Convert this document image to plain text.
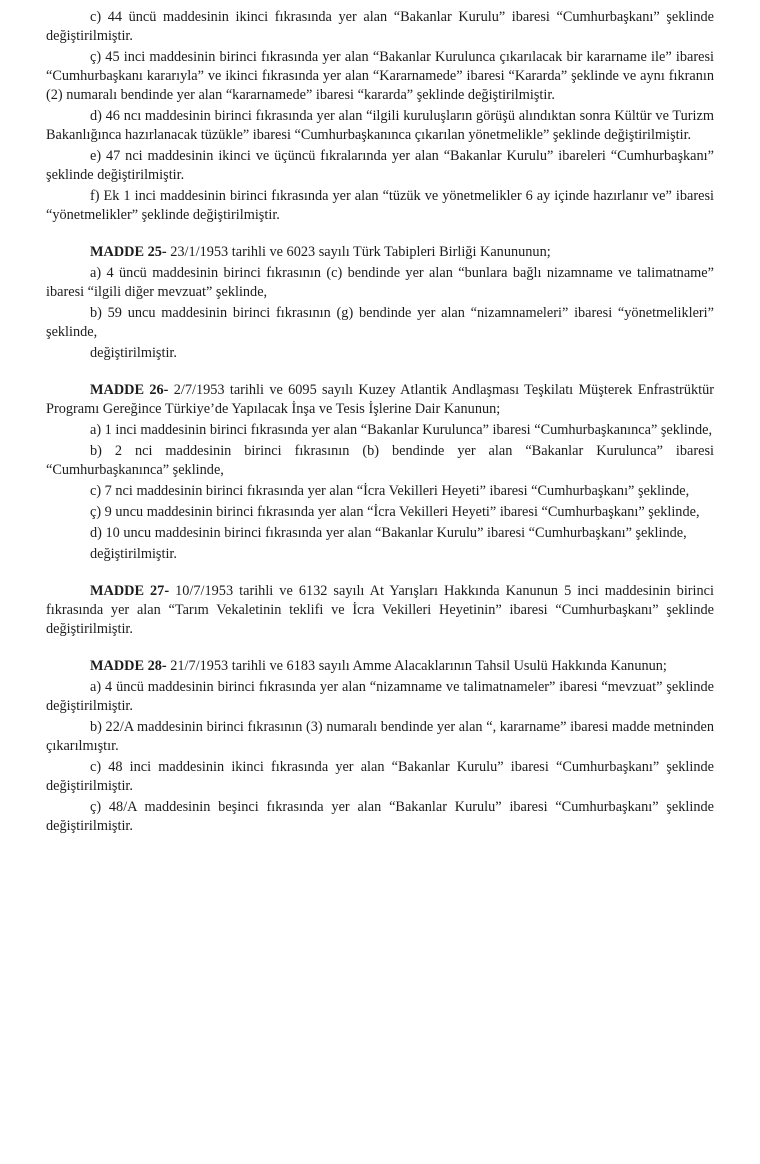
c) 44 üncü maddesinin ikinci fıkrasında yer alan “Bakanlar Kurulu” ibaresi “Cumhurbaşkanı” şeklinde değiştirilmiştir.

ç) 45 inci maddesinin birinci fıkrasında yer alan “Bakanlar Kurulunca çıkarılacak bir kararname ile” ibaresi “Cumhurbaşkanı kararıyla” ve ikinci fıkrasında yer alan “Kararnamede” ibaresi “Kararda” şeklinde ve aynı fıkranın (2) numaralı bendinde yer alan “kararnamede” ibaresi “kararda” şeklinde değiştirilmiştir.

d) 46 ncı maddesinin birinci fıkrasında yer alan “ilgili kuruluşların görüşü alındıktan sonra Kültür ve Turizm Bakanlığınca hazırlanacak tüzükle” ibaresi “Cumhurbaşkanınca çıkarılan yönetmelikle” şeklinde değiştirilmiştir.

e) 47 nci maddesinin ikinci ve üçüncü fıkralarında yer alan “Bakanlar Kurulu” ibareleri “Cumhurbaşkanı” şeklinde değiştirilmiştir.

f) Ek 1 inci maddesinin birinci fıkrasında yer alan “tüzük ve yönetmelikler 6 ay içinde hazırlanır ve” ibaresi “yönetmelikler” şeklinde değiştirilmiştir.

MADDE 25- 23/1/1953 tarihli ve 6023 sayılı Türk Tabipleri Birliği Kanununun;

a) 4 üncü maddesinin birinci fıkrasının (c) bendinde yer alan “bunlara bağlı nizamname ve talimatname” ibaresi “ilgili diğer mevzuat” şeklinde,

b) 59 uncu maddesinin birinci fıkrasının (g) bendinde yer alan “nizamnameleri” ibaresi “yönetmelikleri” şeklinde,

değiştirilmiştir.

MADDE 26- 2/7/1953 tarihli ve 6095 sayılı Kuzey Atlantik Andlaşması Teşkilatı Müşterek Enfrastrüktür Programı Gereğince Türkiye’de Yapılacak İnşa ve Tesis İşlerine Dair Kanunun;

a) 1 inci maddesinin birinci fıkrasında yer alan “Bakanlar Kurulunca” ibaresi “Cumhurbaşkanınca” şeklinde,

b) 2 nci maddesinin birinci fıkrasının (b) bendinde yer alan “Bakanlar Kurulunca” ibaresi “Cumhurbaşkanınca” şeklinde,

c) 7 nci maddesinin birinci fıkrasında yer alan “İcra Vekilleri Heyeti” ibaresi “Cumhurbaşkanı” şeklinde,

ç) 9 uncu maddesinin birinci fıkrasında yer alan “İcra Vekilleri Heyeti” ibaresi “Cumhurbaşkanı” şeklinde,

d) 10 uncu maddesinin birinci fıkrasında yer alan “Bakanlar Kurulu” ibaresi “Cumhurbaşkanı” şeklinde,

değiştirilmiştir.

MADDE 27- 10/7/1953 tarihli ve 6132 sayılı At Yarışları Hakkında Kanunun 5 inci maddesinin birinci fıkrasında yer alan “Tarım Vekaletinin teklifi ve İcra Vekilleri Heyetinin” ibaresi “Cumhurbaşkanı” şeklinde değiştirilmiştir.

MADDE 28- 21/7/1953 tarihli ve 6183 sayılı Amme Alacaklarının Tahsil Usulü Hakkında Kanunun;

a) 4 üncü maddesinin birinci fıkrasında yer alan “nizamname ve talimatnameler” ibaresi “mevzuat” şeklinde değiştirilmiştir.

b) 22/A maddesinin birinci fıkrasının (3) numaralı bendinde yer alan “, kararname” ibaresi madde metninden çıkarılmıştır.

c) 48 inci maddesinin ikinci fıkrasında yer alan “Bakanlar Kurulu” ibaresi “Cumhurbaşkanı” şeklinde değiştirilmiştir.

ç) 48/A maddesinin beşinci fıkrasında yer alan “Bakanlar Kurulu” ibaresi “Cumhurbaşkanı” şeklinde değiştirilmiştir.
